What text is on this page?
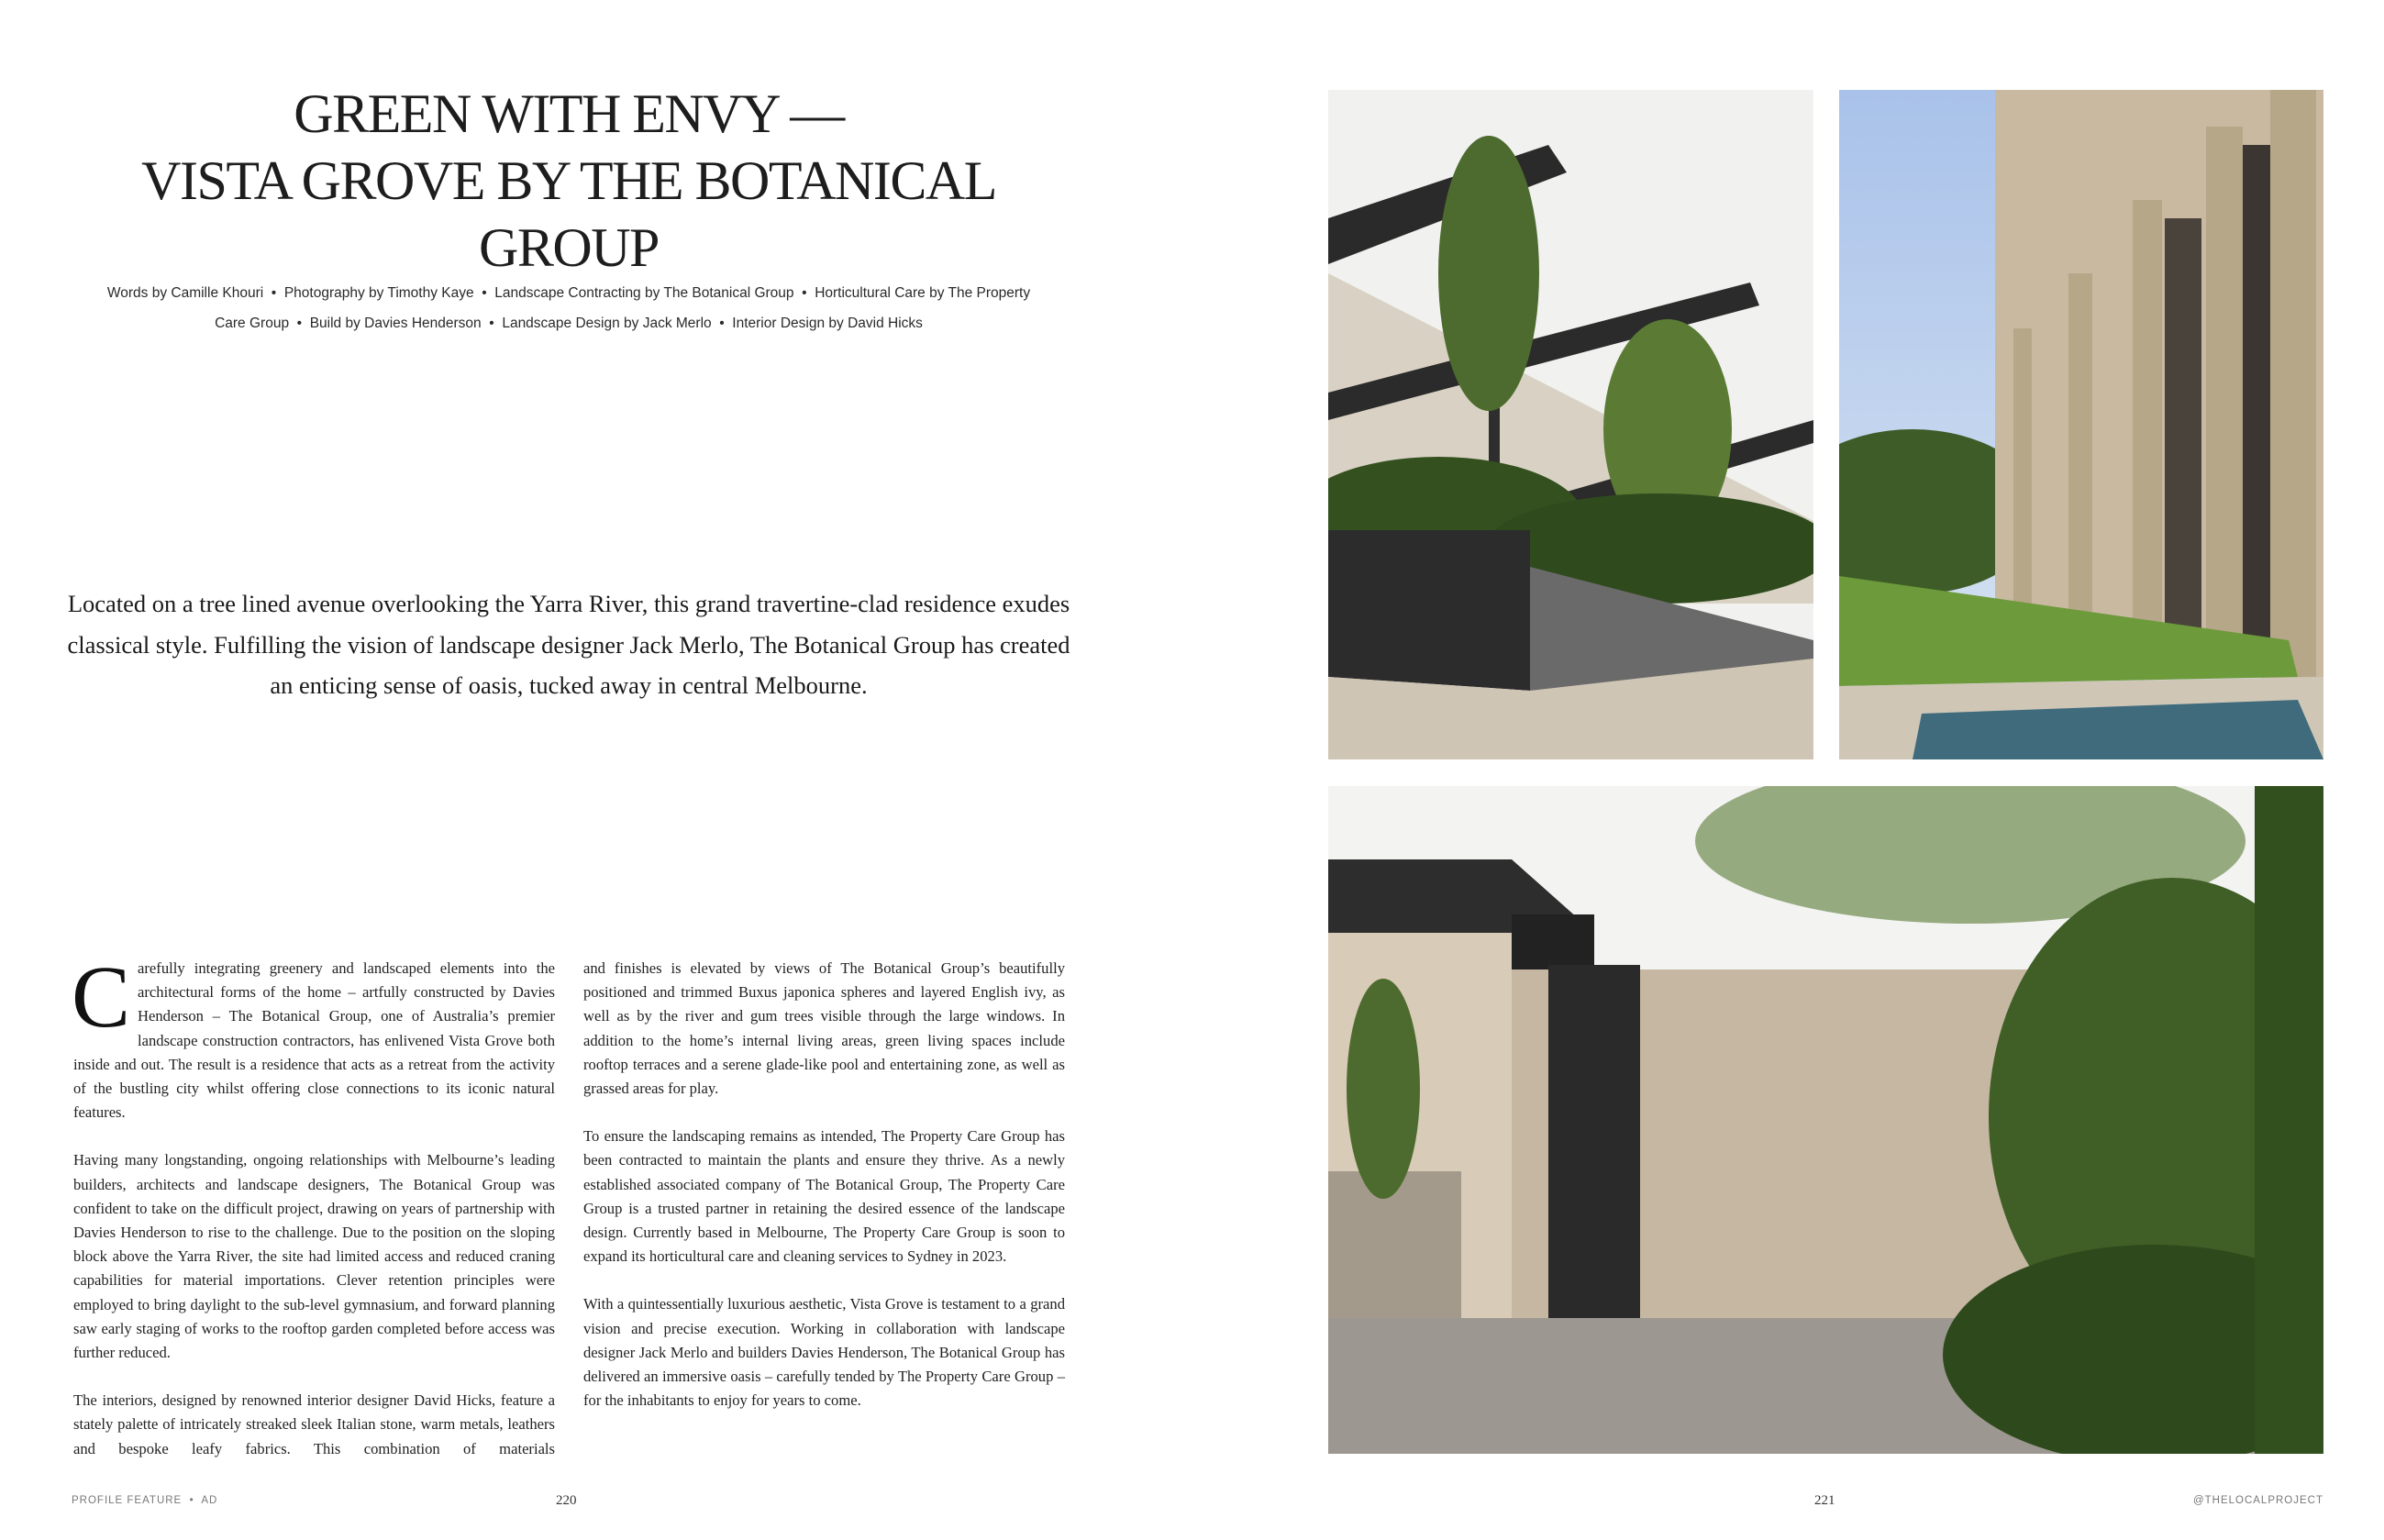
GREEN WITH ENVY —
VISTA GROVE BY THE BOTANICAL GROUP
Words by Camille Khouri  •  Photography by Timothy Kaye  •  Landscape Contracting by The Botanical Group  •  Horticultural Care by The Property
Care Group  •  Build by Davies Henderson  •  Landscape Design by Jack Merlo  •  Interior Design by David Hicks
Located on a tree lined avenue overlooking the Yarra River, this grand travertine-clad residence exudes classical style. Fulfilling the vision of landscape designer Jack Merlo, The Botanical Group has created an enticing sense of oasis, tucked away in central Melbourne.

Carefully integrating greenery and landscaped elements into the architectural forms of the home – artfully constructed by Davies Henderson – The Botanical Group, one of Australia’s premier landscape construction contractors, has enlivened Vista Grove both inside and out. The result is a residence that acts as a retreat from the activity of the bustling city whilst offering close connections to its iconic natural features.

Having many longstanding, ongoing relationships with Melbourne’s leading builders, architects and landscape designers, The Botanical Group was confident to take on the difficult project, drawing on years of partnership with Davies Henderson to rise to the challenge. Due to the position on the sloping block above the Yarra River, the site had limited access and reduced craning capabilities for material importations. Clever retention principles were employed to bring daylight to the sub-level gymnasium, and forward planning saw early staging of works to the rooftop garden completed before access was further reduced.

The interiors, designed by renowned interior designer David Hicks, feature a stately palette of intricately streaked sleek Italian stone, warm metals, leathers and bespoke leafy fabrics. This combination of materials

and finishes is elevated by views of The Botanical Group’s beautifully positioned and trimmed Buxus japonica spheres and layered English ivy, as well as by the river and gum trees visible through the large windows. In addition to the home’s internal living areas, green living spaces include rooftop terraces and a serene glade-like pool and entertaining zone, as well as grassed areas for play.

To ensure the landscaping remains as intended, The Property Care Group has been contracted to maintain the plants and ensure they thrive. As a newly established associated company of The Botanical Group, The Property Care Group is a trusted partner in retaining the desired essence of the landscape design. Currently based in Melbourne, The Property Care Group is soon to expand its horticultural care and cleaning services to Sydney in 2023.

With a quintessentially luxurious aesthetic, Vista Grove is testament to a grand vision and precise execution. Working in collaboration with landscape designer Jack Merlo and builders Davies Henderson, The Botanical Group has delivered an immersive oasis – carefully tended by The Property Care Group – for the inhabitants to enjoy for years to come.

PROFILE FEATURE  •  AD	220	221	@THELOCALPROJECT
